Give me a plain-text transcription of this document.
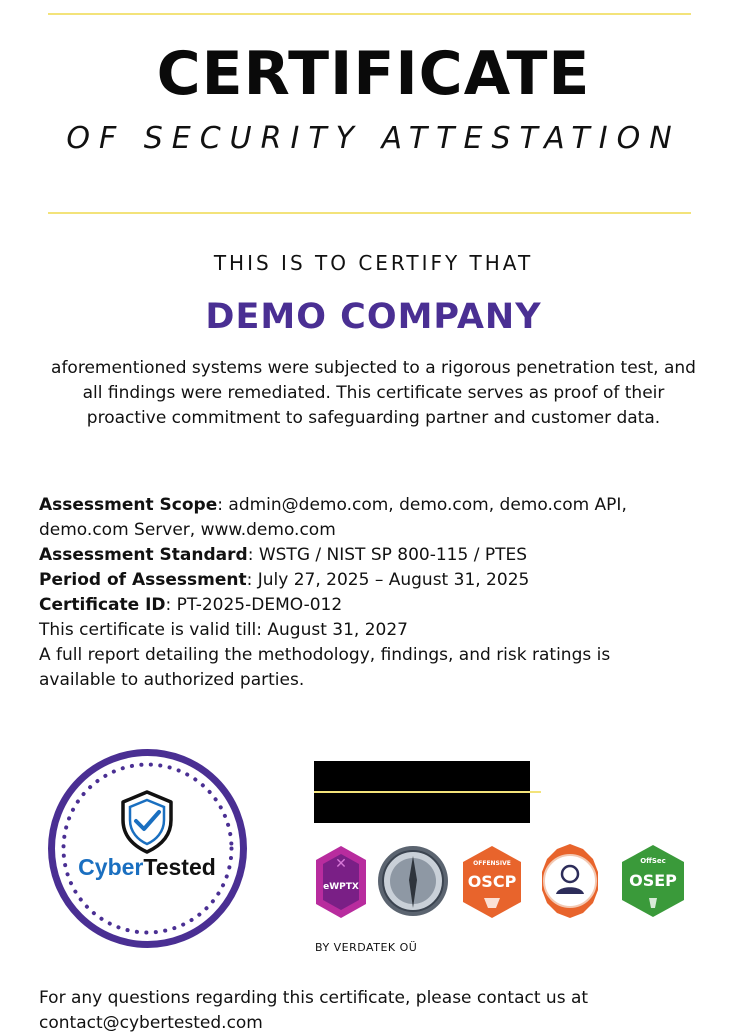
CERTIFICATE
OF SECURITY ATTESTATION
THIS IS TO CERTIFY THAT
DEMO COMPANY
aforementioned systems were subjected to a rigorous penetration test, and all findings were remediated. This certificate serves as proof of their proactive commitment to safeguarding partner and customer data.

Assessment Scope: admin@demo.com, demo.com, demo.com API, demo.com Server, www.demo.com

Assessment Standard: WSTG / NIST SP 800-115 / PTES

Period of Assessment: July 27, 2025 – August 31, 2025

Certificate ID: PT-2025-DEMO-012

This certificate is valid till: August 31, 2027

A full report detailing the methodology, findings, and risk ratings is available to authorized parties.

CyberTested	✕
eWPTX
OFFENSIVE
OSCP
OffSec
OSEP
BY VERDATEK OÜ
For any questions regarding this certificate, please contact us at contact@cybertested.com
